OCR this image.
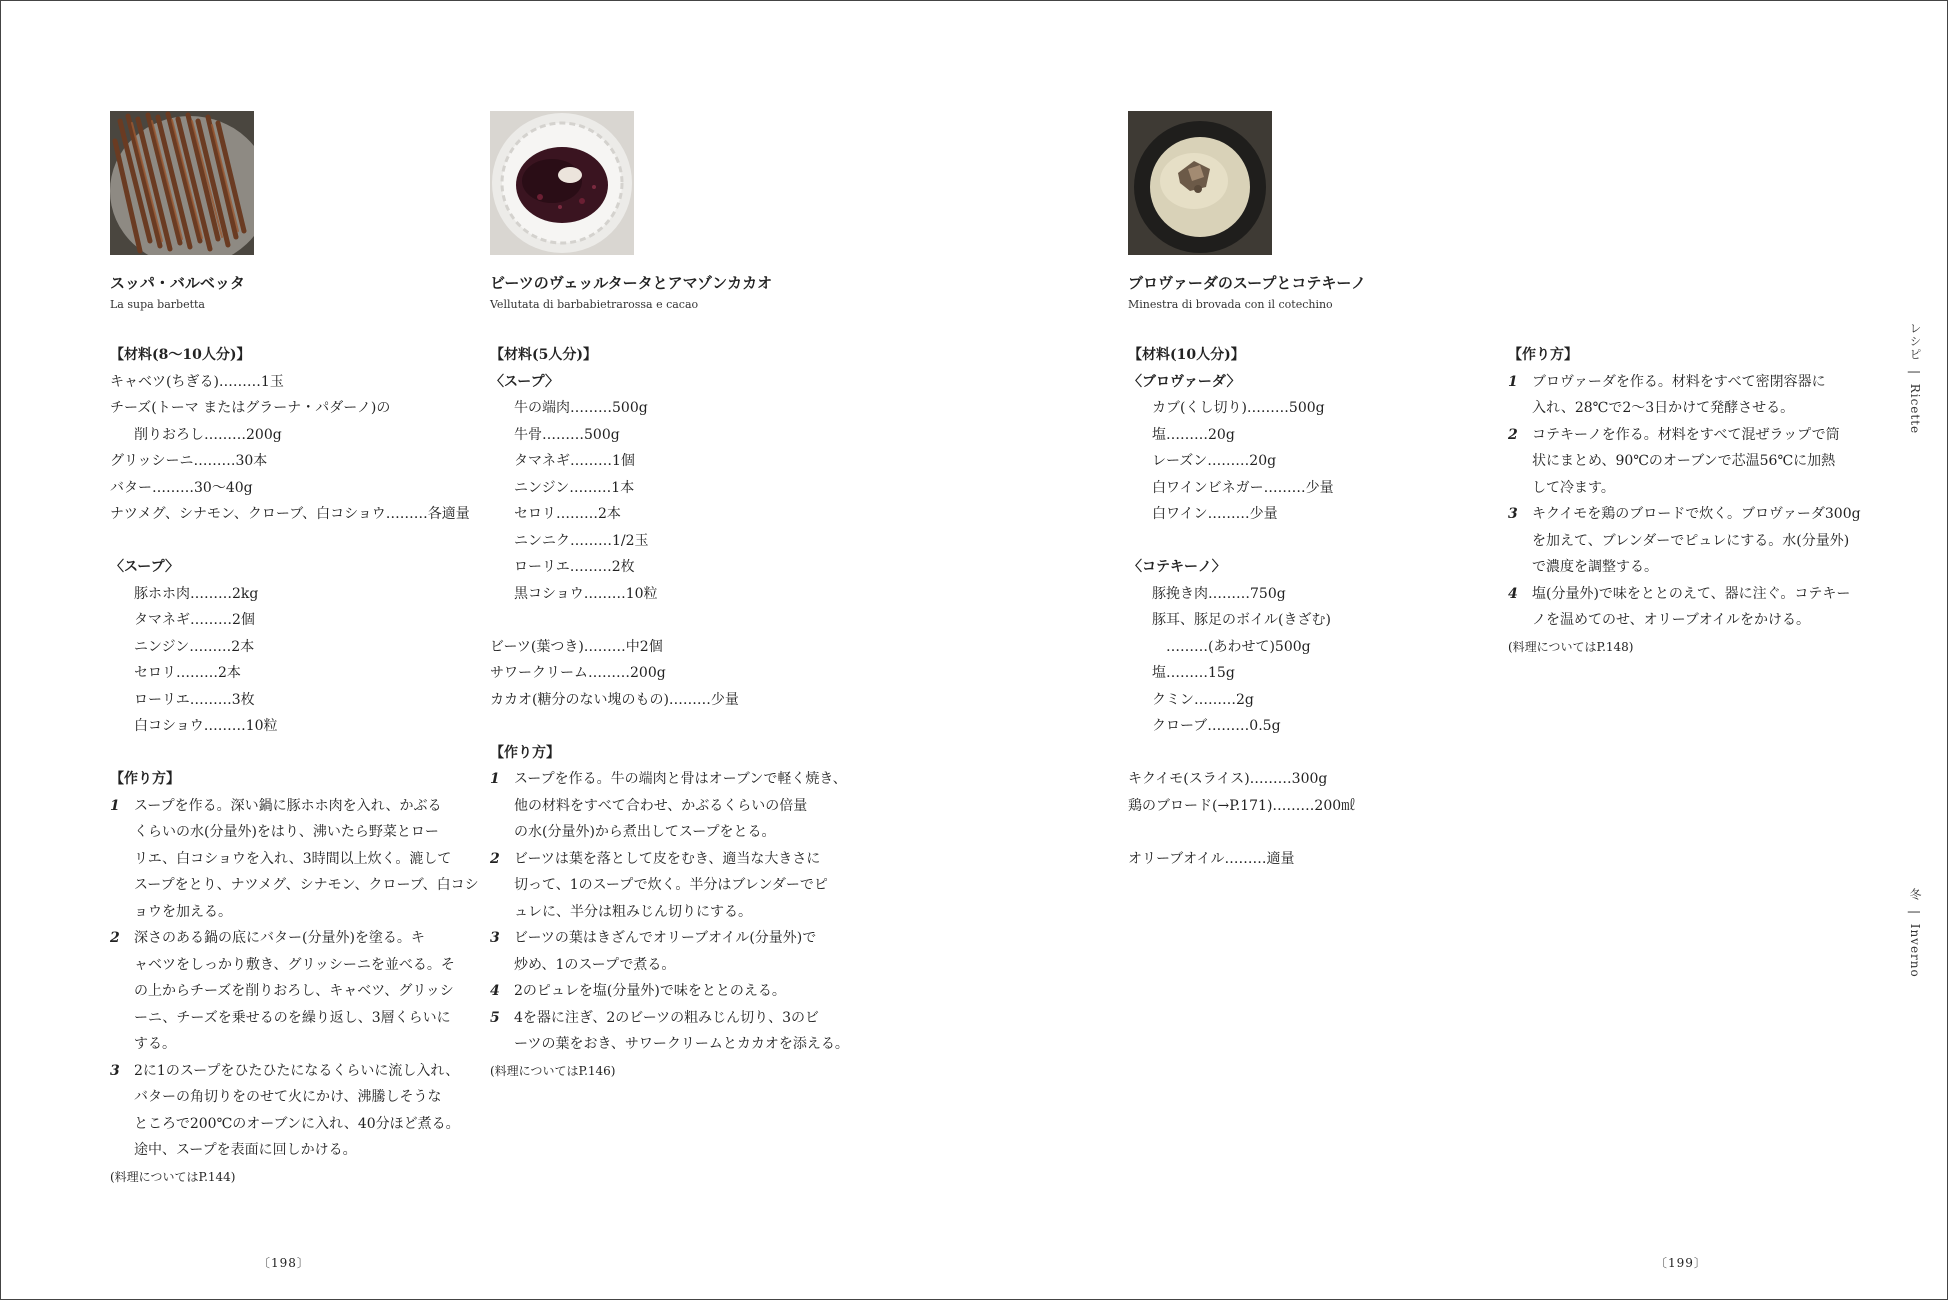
スッパ・バルベッタ
La supa barbetta
【材料(8〜10人分)】
キャベツ(ちぎる)………1玉
チーズ(トーマ またはグラーナ・パダーノ)の
削りおろし………200g
グリッシーニ………30本
バター………30〜40g
ナツメグ、シナモン、クローブ、白コショウ………各適量
〈スープ〉
豚ホホ肉………2kg
タマネギ………2個
ニンジン………2本
セロリ………2本
ローリエ………3枚
白コショウ………10粒
【作り方】
1	スープを作る。深い鍋に豚ホホ肉を入れ、かぶる
くらいの水(分量外)をはり、沸いたら野菜とロー
リエ、白コショウを入れ、3時間以上炊く。漉して
スープをとり、ナツメグ、シナモン、クローブ、白コシ
ョウを加える。
2	深さのある鍋の底にバター(分量外)を塗る。キ
ャベツをしっかり敷き、グリッシーニを並べる。そ
の上からチーズを削りおろし、キャベツ、グリッシ
ーニ、チーズを乗せるのを繰り返し、3層くらいに
する。
3	2に1のスープをひたひたになるくらいに流し入れ、
バターの角切りをのせて火にかけ、沸騰しそうな
ところで200℃のオーブンに入れ、40分ほど煮る。
途中、スープを表面に回しかける。
(料理についてはP.144)
ビーツのヴェッルタータとアマゾンカカオ
Vellutata di barbabietrarossa e cacao
【材料(5人分)】
〈スープ〉
牛の端肉………500g
牛骨………500g
タマネギ………1個
ニンジン………1本
セロリ………2本
ニンニク………1/2玉
ローリエ………2枚
黒コショウ………10粒
ビーツ(葉つき)………中2個
サワークリーム………200g
カカオ(糖分のない塊のもの)………少量
【作り方】
1	スープを作る。牛の端肉と骨はオーブンで軽く焼き、
他の材料をすべて合わせ、かぶるくらいの倍量
の水(分量外)から煮出してスープをとる。
2	ビーツは葉を落として皮をむき、適当な大きさに
切って、1のスープで炊く。半分はブレンダーでピ
ュレに、半分は粗みじん切りにする。
3	ビーツの葉はきざんでオリーブオイル(分量外)で
炒め、1のスープで煮る。
4	2のピュレを塩(分量外)で味をととのえる。
5	4を器に注ぎ、2のビーツの粗みじん切り、3のビ
ーツの葉をおき、サワークリームとカカオを添える。
(料理についてはP.146)
〔198〕
ブロヴァーダのスープとコテキーノ
Minestra di brovada con il cotechino
【材料(10人分)】
〈ブロヴァーダ〉
カブ(くし切り)………500g
塩………20g
レーズン………20g
白ワインビネガー………少量
白ワイン………少量
〈コテキーノ〉
豚挽き肉………750g
豚耳、豚足のボイル(きざむ)
………(あわせて)500g
塩………15g
クミン………2g
クローブ………0.5g
キクイモ(スライス)………300g
鶏のブロード(→P.171)………200㎖
オリーブオイル………適量
【作り方】
1	ブロヴァーダを作る。材料をすべて密閉容器に
入れ、28℃で2〜3日かけて発酵させる。
2	コテキーノを作る。材料をすべて混ぜラップで筒
状にまとめ、90℃のオーブンで芯温56℃に加熱
して冷ます。
3	キクイモを鶏のブロードで炊く。ブロヴァーダ300g
を加えて、ブレンダーでピュレにする。水(分量外)
で濃度を調整する。
4	塩(分量外)で味をととのえて、器に注ぐ。コテキー
ノを温めてのせ、オリーブオイルをかける。
(料理についてはP.148)
〔199〕
レシピ | Ricette
冬 | Inverno
